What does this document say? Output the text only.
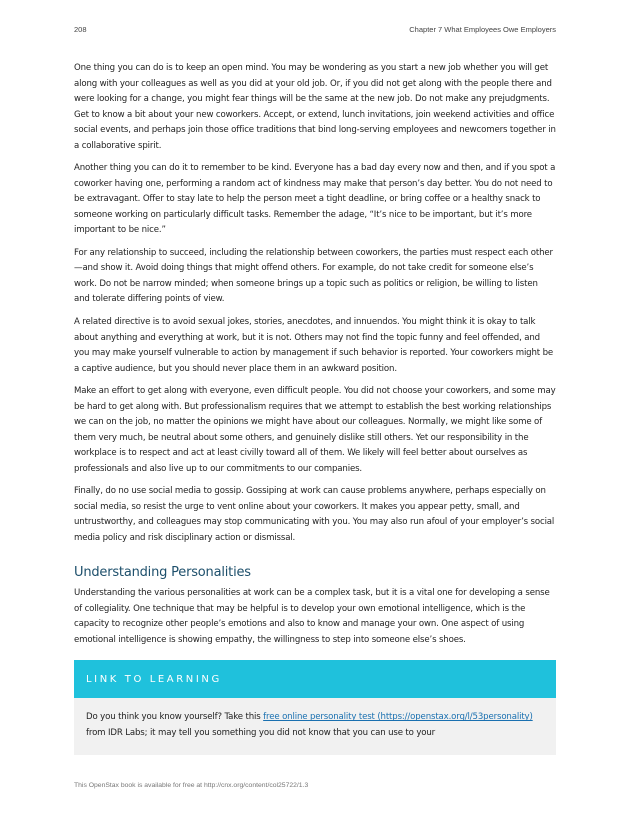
208	Chapter 7 What Employees Owe Employers

One thing you can do is to keep an open mind. You may be wondering as you start a new job whether you will get along with your colleagues as well as you did at your old job. Or, if you did not get along with the people there and were looking for a change, you might fear things will be the same at the new job. Do not make any prejudgments. Get to know a bit about your new coworkers. Accept, or extend, lunch invitations, join weekend activities and office social events, and perhaps join those office traditions that bind long-serving employees and newcomers together in a collaborative spirit.

Another thing you can do it to remember to be kind. Everyone has a bad day every now and then, and if you spot a coworker having one, performing a random act of kindness may make that person’s day better. You do not need to be extravagant. Offer to stay late to help the person meet a tight deadline, or bring coffee or a healthy snack to someone working on particularly difficult tasks. Remember the adage, “It’s nice to be important, but it’s more important to be nice.”

For any relationship to succeed, including the relationship between coworkers, the parties must respect each other—and show it. Avoid doing things that might offend others. For example, do not take credit for someone else’s work. Do not be narrow minded; when someone brings up a topic such as politics or religion, be willing to listen and tolerate differing points of view.

A related directive is to avoid sexual jokes, stories, anecdotes, and innuendos. You might think it is okay to talk about anything and everything at work, but it is not. Others may not find the topic funny and feel offended, and you may make yourself vulnerable to action by management if such behavior is reported. Your coworkers might be a captive audience, but you should never place them in an awkward position.

Make an effort to get along with everyone, even difficult people. You did not choose your coworkers, and some may be hard to get along with. But professionalism requires that we attempt to establish the best working relationships we can on the job, no matter the opinions we might have about our colleagues. Normally, we might like some of them very much, be neutral about some others, and genuinely dislike still others. Yet our responsibility in the workplace is to respect and act at least civilly toward all of them. We likely will feel better about ourselves as professionals and also live up to our commitments to our companies.

Finally, do no use social media to gossip. Gossiping at work can cause problems anywhere, perhaps especially on social media, so resist the urge to vent online about your coworkers. It makes you appear petty, small, and untrustworthy, and colleagues may stop communicating with you. You may also run afoul of your employer’s social media policy and risk disciplinary action or dismissal.

Understanding Personalities

Understanding the various personalities at work can be a complex task, but it is a vital one for developing a sense of collegiality. One technique that may be helpful is to develop your own emotional intelligence, which is the capacity to recognize other people’s emotions and also to know and manage your own. One aspect of using emotional intelligence is showing empathy, the willingness to step into someone else’s shoes.

LINK TO LEARNING

Do you think you know yourself? Take this free online personality test (https://openstax.org/l/53personality) from IDR Labs; it may tell you something you did not know that you can use to your

This OpenStax book is available for free at http://cnx.org/content/col25722/1.3
